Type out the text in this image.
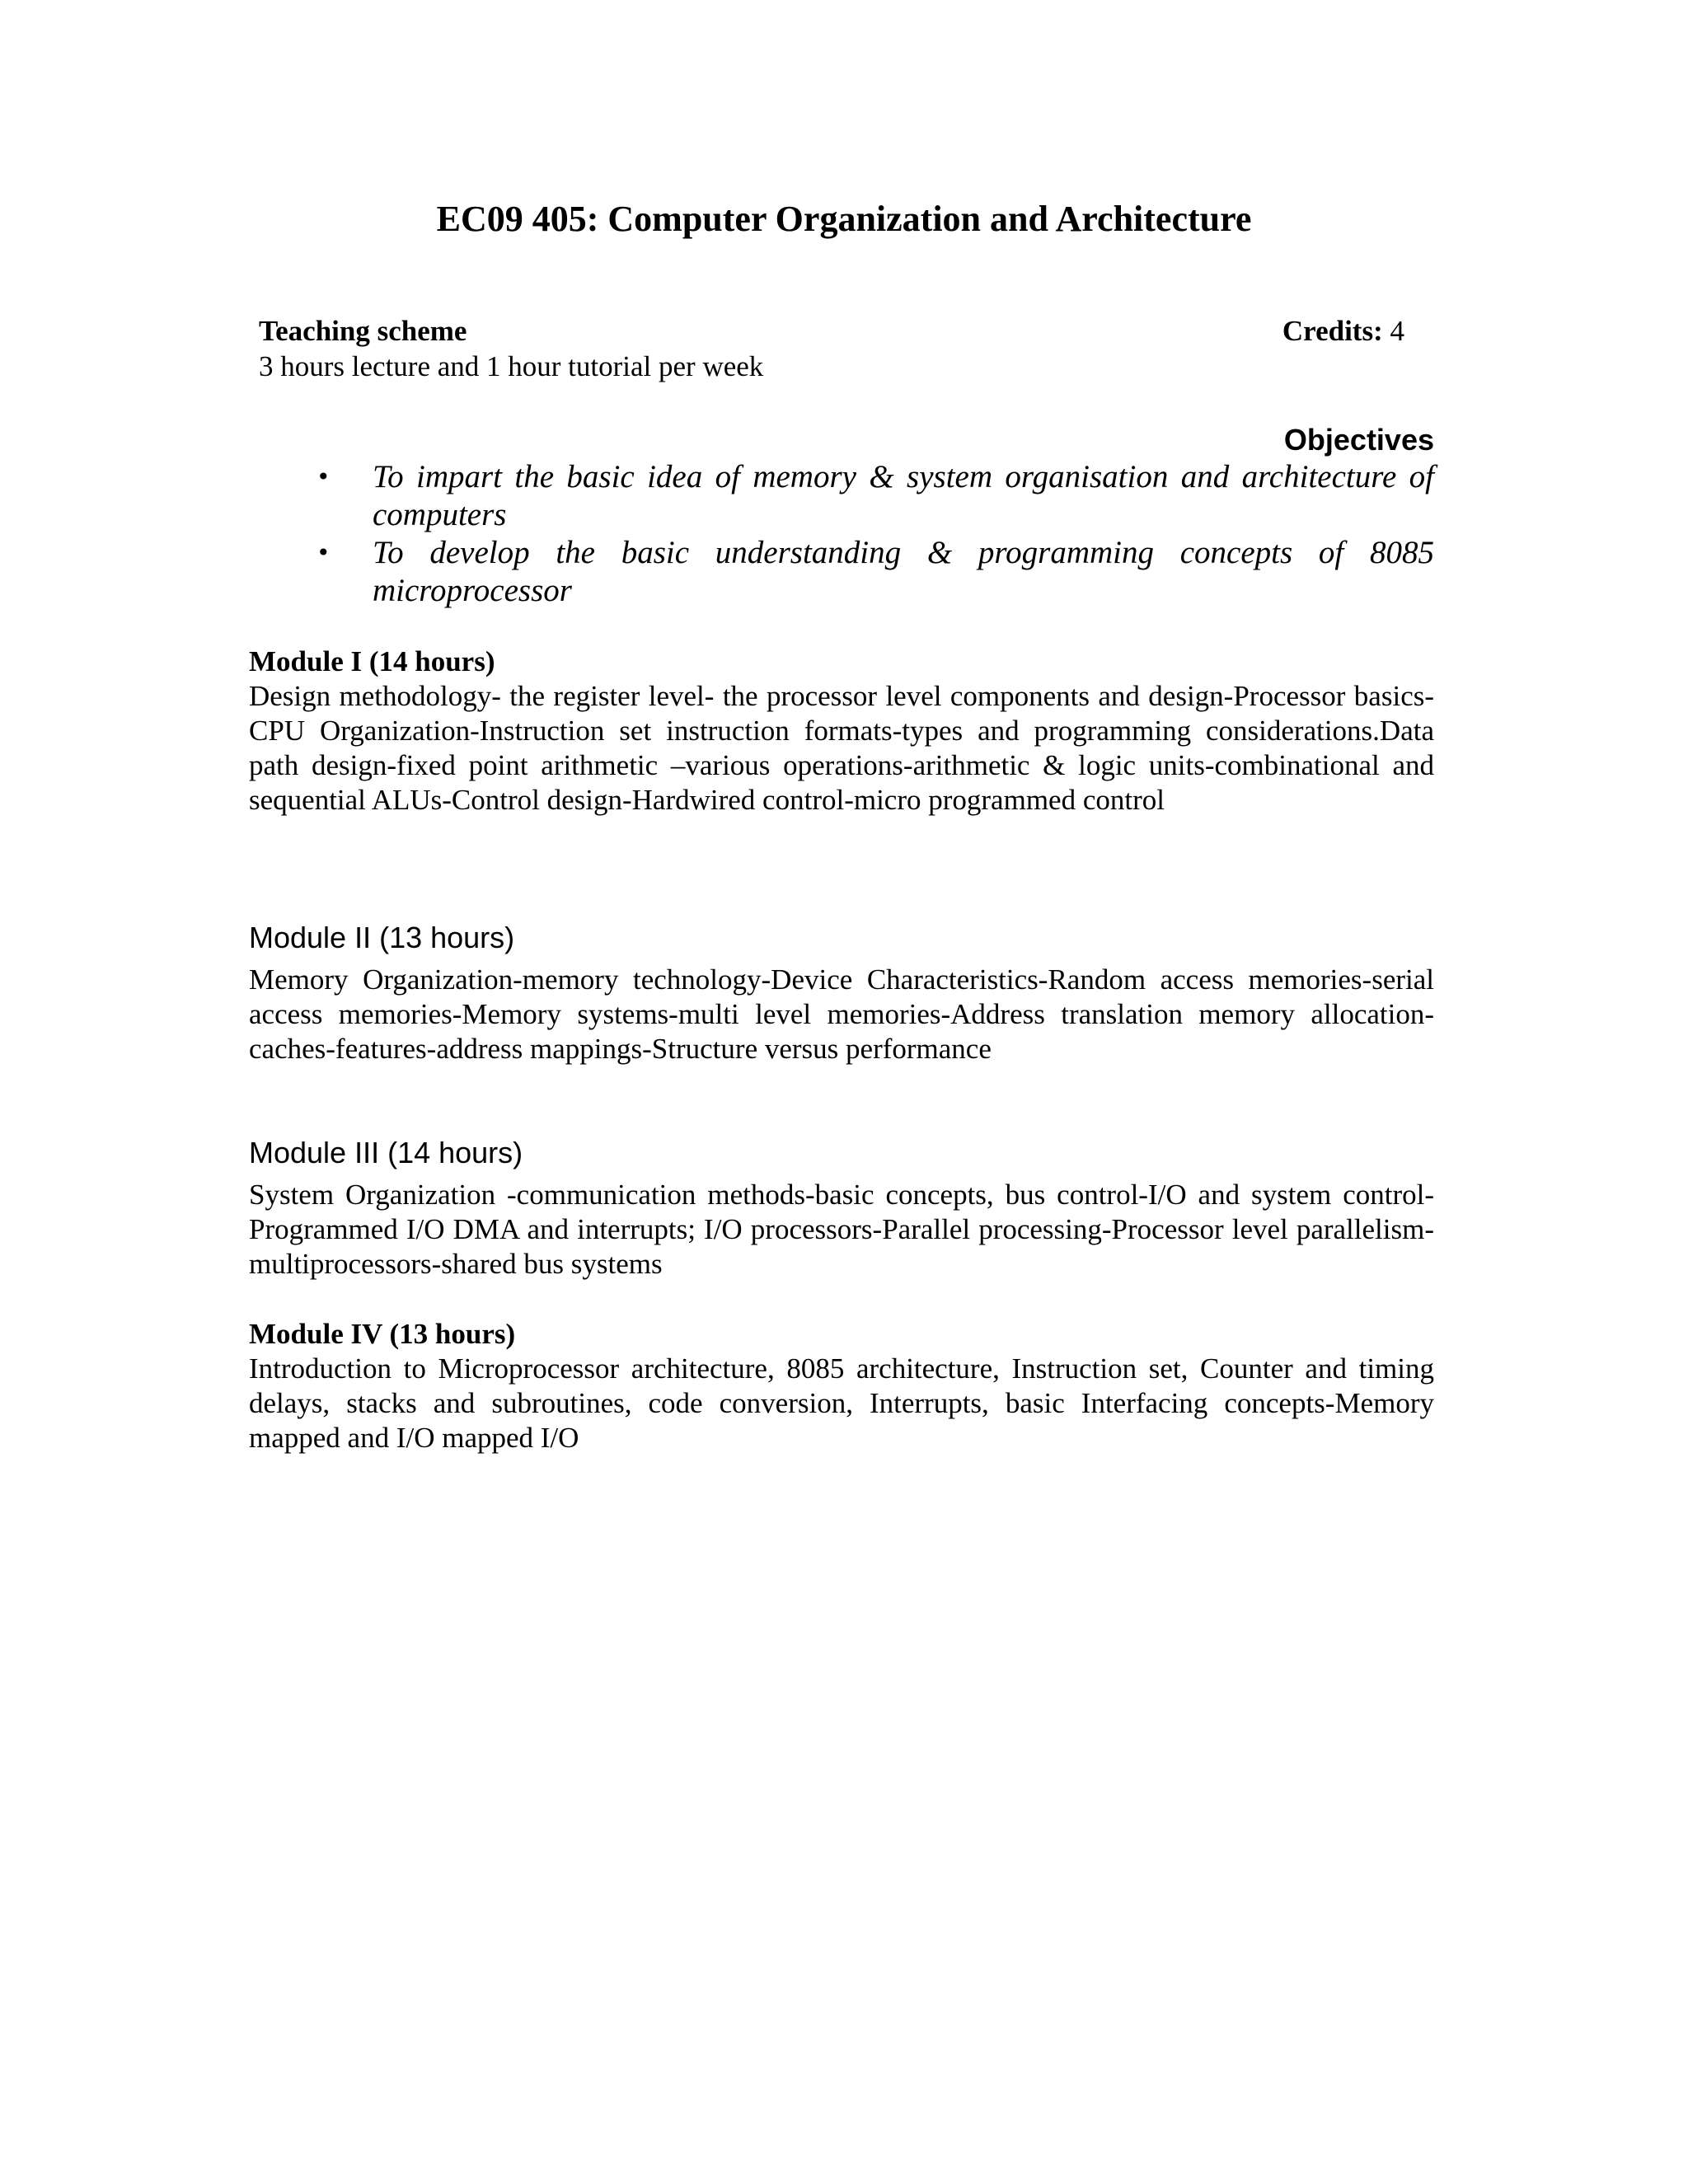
EC09 405: Computer Organization and Architecture
Teaching scheme	Credits: 4
3 hours lecture and 1 hour tutorial per week
Objectives
• To impart the basic idea of memory & system organisation and architecture of computers
• To develop the basic understanding & programming concepts of 8085 microprocessor
Module I (14 hours)
Design methodology- the register level- the processor level components and design-Processor basics-CPU Organization-Instruction set instruction formats-types and programming considerations.Data path design-fixed point arithmetic –various operations-arithmetic & logic units-combinational and sequential ALUs-Control design-Hardwired control-micro programmed control
Module II (13 hours)
Memory Organization-memory technology-Device Characteristics-Random access memories-serial access memories-Memory systems-multi level memories-Address translation memory allocation-caches-features-address mappings-Structure versus performance
Module III (14 hours)
System Organization -communication methods-basic concepts, bus control-I/O and system control-Programmed I/O DMA and interrupts; I/O processors-Parallel processing-Processor level parallelism-multiprocessors-shared bus systems
Module IV (13 hours)
Introduction to Microprocessor architecture, 8085 architecture, Instruction set, Counter and timing delays, stacks and subroutines, code conversion, Interrupts, basic Interfacing concepts-Memory mapped and I/O mapped I/O
